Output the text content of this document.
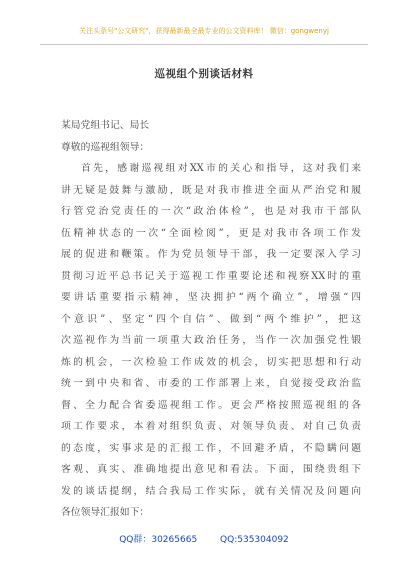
关注头条号"公文研究"，获得最新最全最专业的公文资料库！ 微信：gongwenyj
巡视组个别谈话材料
某局党组书记、局长
尊敬的巡视组领导：
首先，感谢巡视组对XX市的关心和指导，这对我们来
讲无疑是鼓舞与激励，既是对我市推进全面从严治党和履
行管党治党责任的一次“政治体检”，也是对我市干部队
伍精神状态的一次“全面检阅”，更是对我市各项工作发
展的促进和鞭策。作为党员领导干部，我一定要深入学习
贯彻习近平总书记关于巡视工作重要论述和视察XX时的重
要讲话重要指示精神，坚决拥护“两个确立”，增强“四
个意识”、坚定“四个自信”、做到“两个维护”，把这
次巡视作为当前一项重大政治任务，当作一次加强党性锻
炼的机会，一次检验工作成效的机会，切实把思想和行动
统一到中央和省、市委的工作部署上来，自觉接受政治监
督、全力配合省委巡视组工作。更会严格按照巡视组的各
项工作要求，本着对组织负责、对领导负责、对自己负责
的态度，实事求是的汇报工作，不回避矛盾，不隐瞒问题
客观、真实、准确地提出意见和看法。下面，围绕贵组下
发的谈话提纲，结合我局工作实际，就有关情况及问题向
各位领导汇报如下：
QQ群：30265665	QQ:535304092
